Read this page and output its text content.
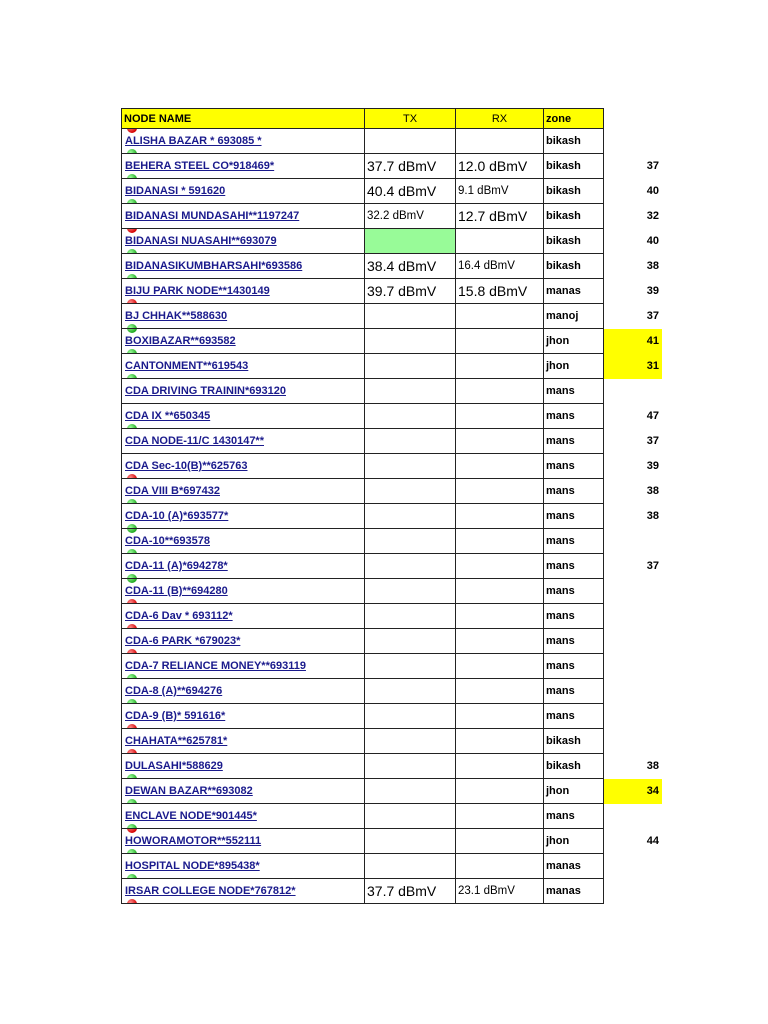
NODE NAME	TX	RX	zone	
ALISHA BAZAR * 693085 *			bikash	
BEHERA STEEL CO*918469*	37.7 dBmV	12.0 dBmV	bikash	37
BIDANASI * 591620	40.4 dBmV	9.1 dBmV	bikash	40
BIDANASI MUNDASAHI**1197247	32.2 dBmV	12.7 dBmV	bikash	32
BIDANASI NUASAHI**693079			bikash	40
BIDANASIKUMBHARSAHI*693586	38.4 dBmV	16.4 dBmV	bikash	38
BIJU PARK NODE**1430149	39.7 dBmV	15.8 dBmV	manas	39
BJ CHHAK**588630			manoj	37
BOXIBAZAR**693582			jhon	41
CANTONMENT**619543			jhon	31
CDA DRIVING TRAININ*693120			mans	
CDA IX **650345			mans	47
CDA NODE-11/C 1430147**			mans	37
CDA Sec-10(B)**625763			mans	39
CDA VIII B*697432			mans	38
CDA-10 (A)*693577*			mans	38
CDA-10**693578			mans	
CDA-11 (A)*694278*			mans	37
CDA-11 (B)**694280			mans	
CDA-6 Dav * 693112*			mans	
CDA-6 PARK *679023*			mans	
CDA-7 RELIANCE MONEY**693119			mans	
CDA-8 (A)**694276			mans	
CDA-9 (B)* 591616*			mans	
CHAHATA**625781*			bikash	
DULASAHI*588629			bikash	38
DEWAN BAZAR**693082			jhon	34
ENCLAVE NODE*901445*			mans	
HOWORAMOTOR**552111			jhon	44
HOSPITAL NODE*895438*			manas	
IRSAR COLLEGE NODE*767812*	37.7 dBmV	23.1 dBmV	manas	
